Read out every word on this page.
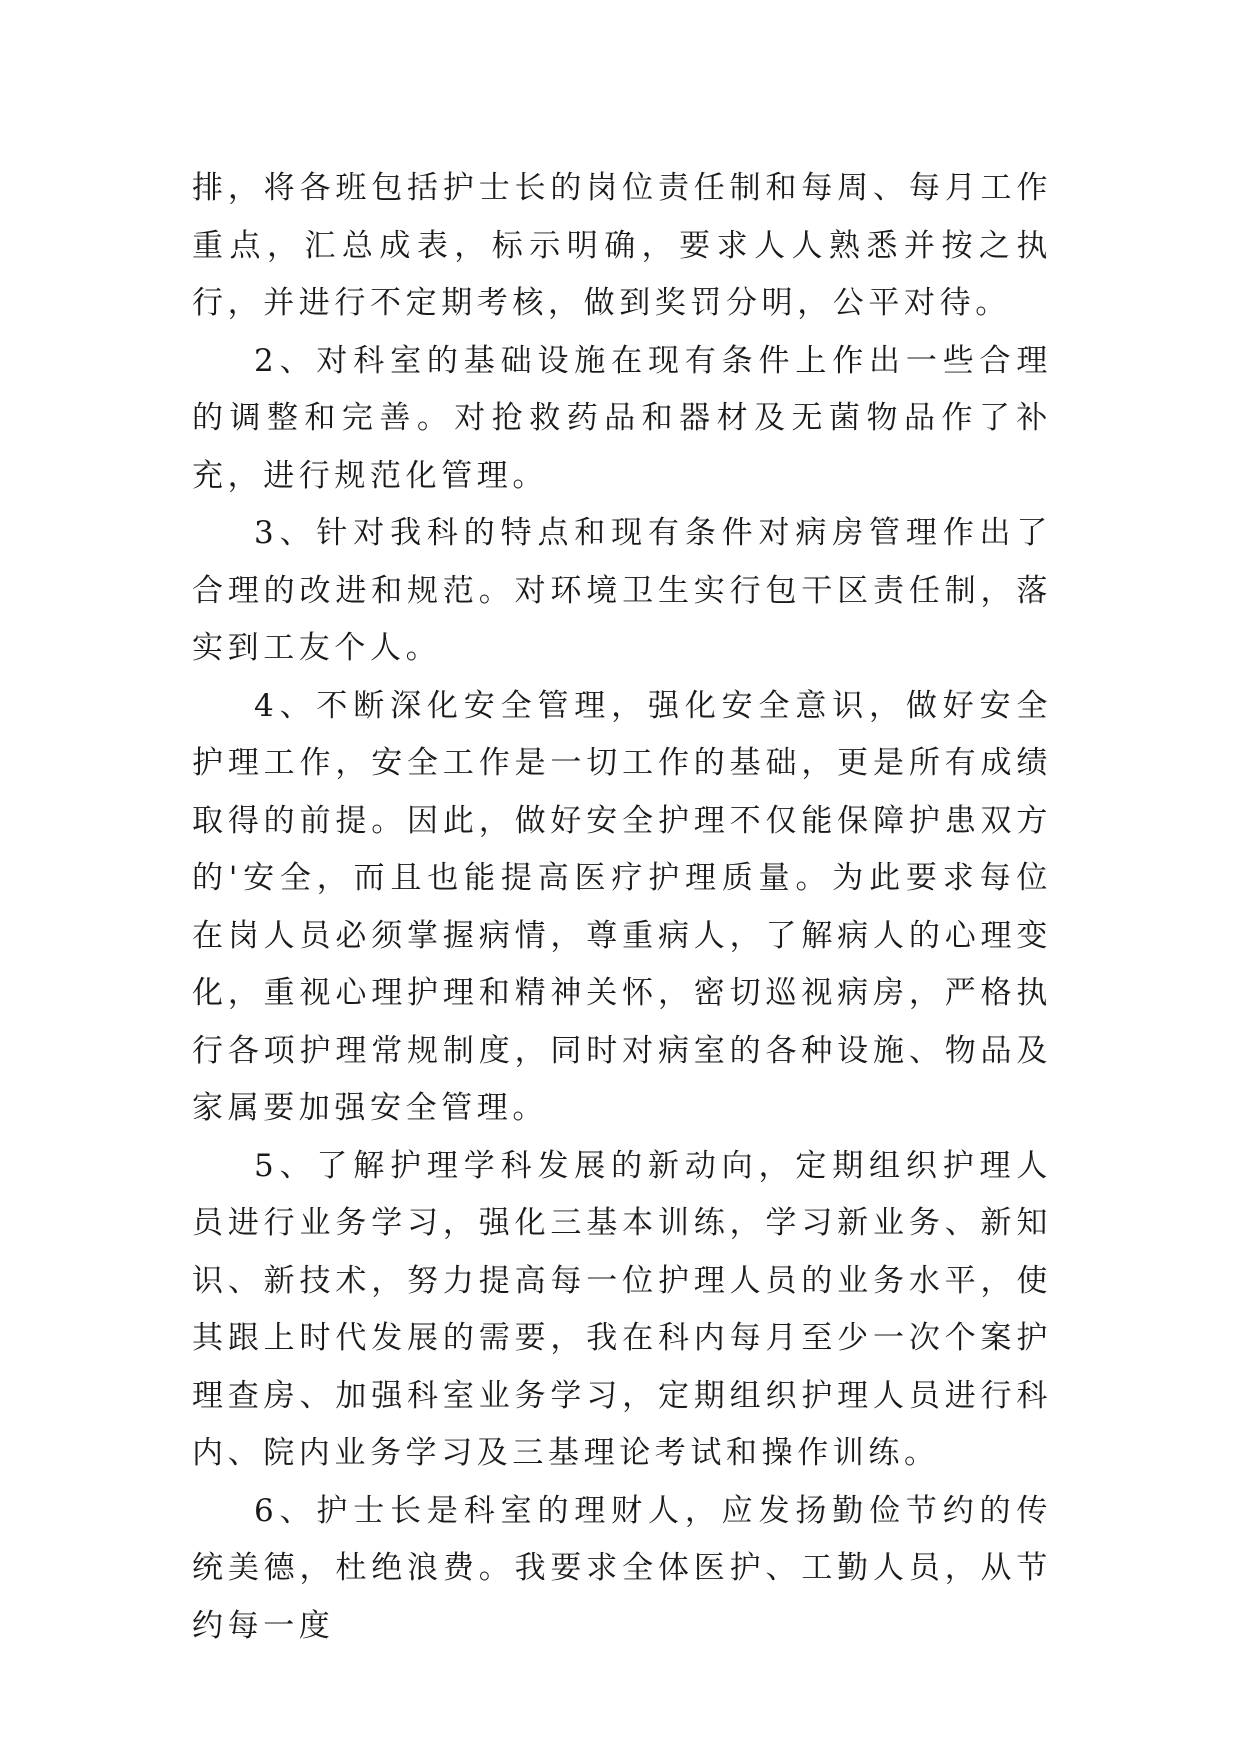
排，将各班包括护士长的岗位责任制和每周、每月工作重点，汇总成表，标示明确，要求人人熟悉并按之执行，并进行不定期考核，做到奖罚分明，公平对待。

2、对科室的基础设施在现有条件上作出一些合理的调整和完善。对抢救药品和器材及无菌物品作了补充，进行规范化管理。

3、针对我科的特点和现有条件对病房管理作出了合理的改进和规范。对环境卫生实行包干区责任制，落实到工友个人。

4、不断深化安全管理，强化安全意识，做好安全护理工作，安全工作是一切工作的基础，更是所有成绩取得的前提。因此，做好安全护理不仅能保障护患双方的'安全，而且也能提高医疗护理质量。为此要求每位在岗人员必须掌握病情，尊重病人，了解病人的心理变化，重视心理护理和精神关怀，密切巡视病房，严格执行各项护理常规制度，同时对病室的各种设施、物品及家属要加强安全管理。

5、了解护理学科发展的新动向，定期组织护理人员进行业务学习，强化三基本训练，学习新业务、新知识、新技术，努力提高每一位护理人员的业务水平，使其跟上时代发展的需要，我在科内每月至少一次个案护理查房、加强科室业务学习，定期组织护理人员进行科内、院内业务学习及三基理论考试和操作训练。

6、护士长是科室的理财人，应发扬勤俭节约的传统美德，杜绝浪费。我要求全体医护、工勤人员，从节约每一度
